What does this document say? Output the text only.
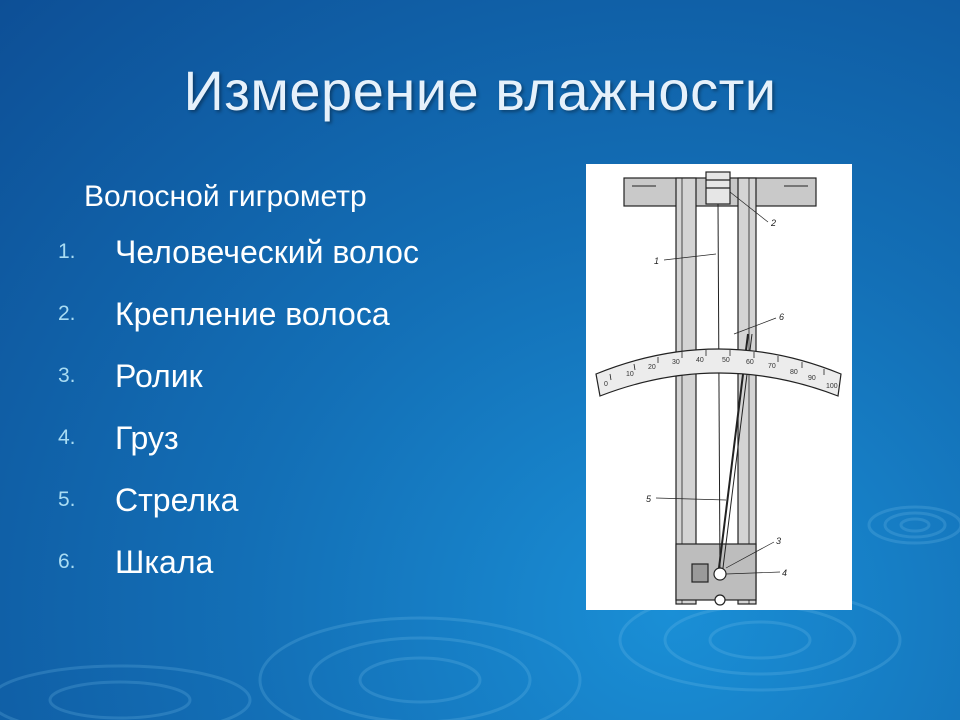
Измерение влажности
Волосной гигрометр
1.	Человеческий волос
2.	Крепление волоса
3.	Ролик
4.	Груз
5.	Стрелка
6.	Шкала
0
10
20
30 40	50 60
70
80
90
100
2
1
6
5
3
4
